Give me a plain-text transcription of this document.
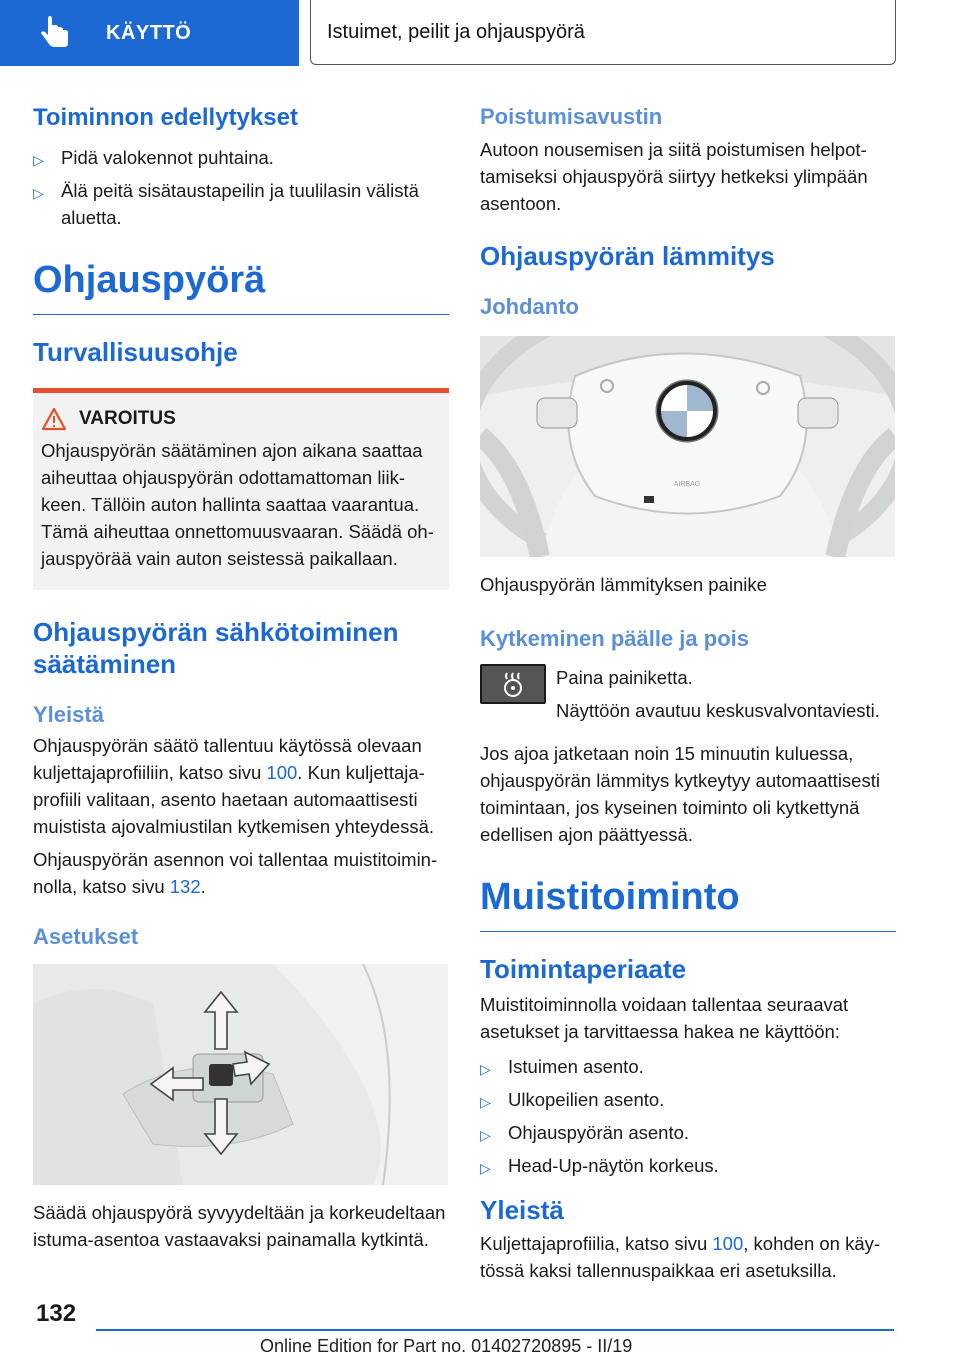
KÄYTTÖ	Istuimet, peilit ja ohjauspyörä
Toiminnon edellytykset
▷ Pidä valokennot puhtaina.
▷ Älä peitä sisätaustapeilin ja tuulilasin välistä aluetta.
Ohjauspyörä
Turvallisuusohje
VAROITUS

Ohjauspyörän säätäminen ajon aikana saattaa aiheuttaa ohjauspyörän odottamattoman liikkeen. Tällöin auton hallinta saattaa vaarantua. Tämä aiheuttaa onnettomuusvaaran. Säädä ohjauspyörää vain auton seistessä paikallaan.

Ohjauspyörän sähkötoiminen säätäminen
Yleistä

Ohjauspyörän säätö tallentuu käytössä olevaan kuljettajaprofiiliin, katso sivu 100. Kun kuljettajaprofiili valitaan, asento haetaan automaattisesti muistista ajovalmiustilan kytkemisen yhteydessä.

Ohjauspyörän asennon voi tallentaa muistitoiminnolla, katso sivu 132.

Asetukset

Säädä ohjauspyörä syvyydeltään ja korkeudeltaan istuma-asentoa vastaavaksi painamalla kytkintä.

Poistumisavustin

Autoon nousemisen ja siitä poistumisen helpottamiseksi ohjauspyörä siirtyy hetkeksi ylimpään asentoon.

Ohjauspyörän lämmitys
Johdanto
AIRBAG

Ohjauspyörän lämmityksen painike

Kytkeminen päälle ja pois

Paina painiketta.

Näyttöön avautuu keskusvalvontaviesti.

Jos ajoa jatketaan noin 15 minuutin kuluessa, ohjauspyörän lämmitys kytkeytyy automaattisesti toimintaan, jos kyseinen toiminto oli kytkettynä edellisen ajon päättyessä.

Muistitoiminto
Toimintaperiaate

Muistitoiminnolla voidaan tallentaa seuraavat asetukset ja tarvittaessa hakea ne käyttöön:

▷ Istuimen asento.
▷ Ulkopeilien asento.
▷ Ohjauspyörän asento.
▷ Head-Up-näytön korkeus.
Yleistä

Kuljettajaprofiilia, katso sivu 100, kohden on käytössä kaksi tallennuspaikkaa eri asetuksilla.

132
Online Edition for Part no. 01402720895 - II/19
